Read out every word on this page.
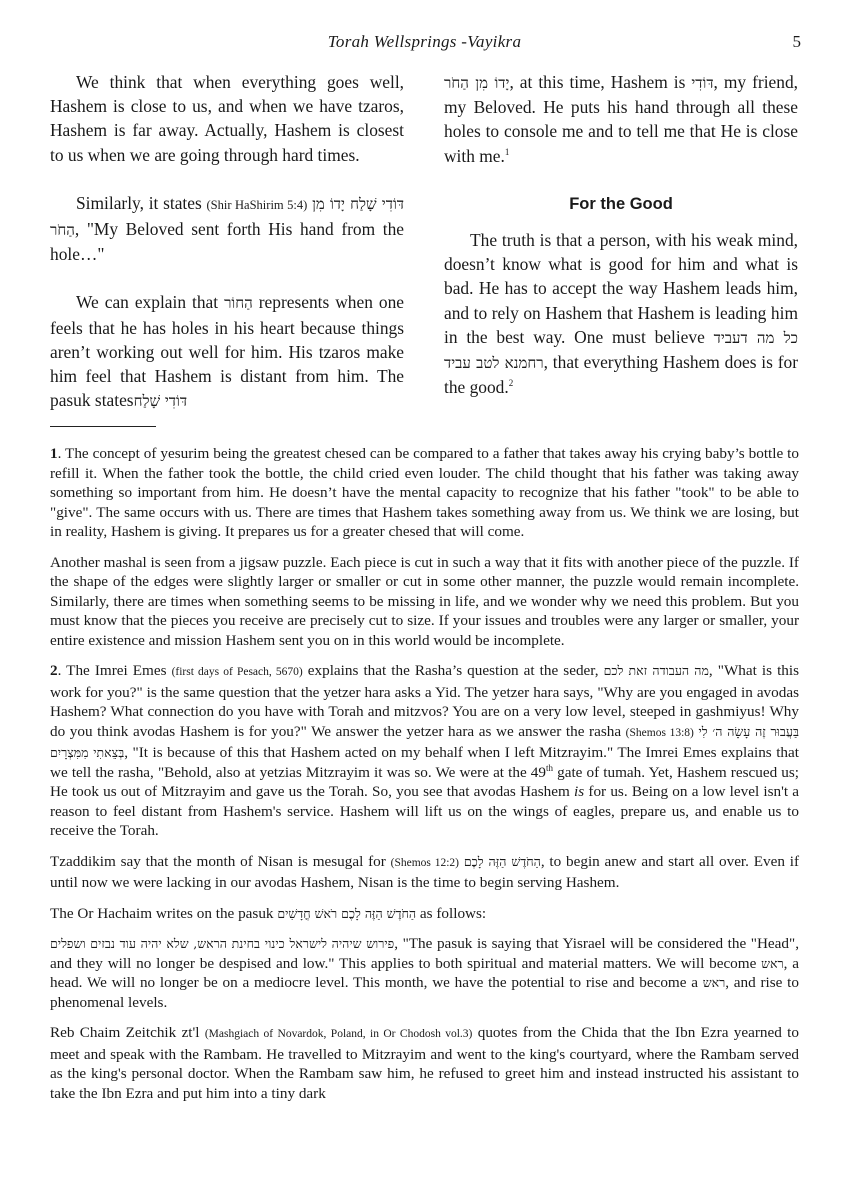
Torah Wellsprings -Vayikra	5

We think that when everything goes well, Hashem is close to us, and when we have tzaros, Hashem is far away. Actually, Hashem is closest to us when we are going through hard times.

Similarly, it states (Shir HaShirim 5:4) דּוֹדִי שָׁלַח יָדוֹ מִן הַחֹר, "My Beloved sent forth His hand from the hole…"

We can explain that הַחוֹר represents when one feels that he has holes in his heart because things aren’t working out well for him. His tzaros make him feel that Hashem is distant from him. The pasuk statesדּוֹדִי שָׁלַח

יָדוֹ מִן הַחֹר, at this time, Hashem is דּוֹדִי, my friend, my Beloved. He puts his hand through all these holes to console me and to tell me that He is close with me.$^1$

For the Good

The truth is that a person, with his weak mind, doesn’t know what is good for him and what is bad. He has to accept the way Hashem leads him, and to rely on Hashem that Hashem is leading him in the best way. One must believe כל מה דעביד רחמנא לטב עביד, that everything Hashem does is for the good.$^2$

1. The concept of yesurim being the greatest chesed can be compared to a father that takes away his crying baby’s bottle to refill it. When the father took the bottle, the child cried even louder. The child thought that his father was taking away something so important from him. He doesn’t have the mental capacity to recognize that his father "took" to be able to "give". The same occurs with us. There are times that Hashem takes something away from us. We think we are losing, but in reality, Hashem is giving. It prepares us for a greater chesed that will come.

Another mashal is seen from a jigsaw puzzle. Each piece is cut in such a way that it fits with another piece of the puzzle. If the shape of the edges were slightly larger or smaller or cut in some other manner, the puzzle would remain incomplete. Similarly, there are times when something seems to be missing in life, and we wonder why we need this problem. But you must know that the pieces you receive are precisely cut to size. If your issues and troubles were any larger or smaller, your entire existence and mission Hashem sent you on in this world would be incomplete.

2. The Imrei Emes (first days of Pesach, 5670) explains that the Rasha’s question at the seder, מה העבודה זאת לכם, "What is this work for you?" is the same question that the yetzer hara asks a Yid. The yetzer hara says, "Why are you engaged in avodas Hashem? What connection do you have with Torah and mitzvos? You are on a very low level, steeped in gashmiyus! Why do you think avodas Hashem is for you?" We answer the yetzer hara as we answer the rasha (Shemos 13:8) בַּעֲבוּר זֶה עָשָׂה ה׳ לִי בְּצֵאתִי מִמִּצְרָיִם, "It is because of this that Hashem acted on my behalf when I left Mitzrayim." The Imrei Emes explains that we tell the rasha, "Behold, also at yetzias Mitzrayim it was so. We were at the 49th gate of tumah. Yet, Hashem rescued us; He took us out of Mitzrayim and gave us the Torah. So, you see that avodas Hashem is for us. Being on a low level isn't a reason to feel distant from Hashem's service. Hashem will lift us on the wings of eagles, prepare us, and enable us to receive the Torah.

Tzaddikim say that the month of Nisan is mesugal for (Shemos 12:2) הַחֹדֶשׁ הַזֶּה לָכֶם, to begin anew and start all over. Even if until now we were lacking in our avodas Hashem, Nisan is the time to begin serving Hashem.

The Or Hachaim writes on the pasuk הַחֹדֶשׁ הַזֶּה לָכֶם רֹאשׁ חֳדָשִׁים as follows:

פירוש שיהיה לישראל כינוי בחינת הראש, שלא יהיה עוד נבזים ושפלים, "The pasuk is saying that Yisrael will be considered the "Head", and they will no longer be despised and low." This applies to both spiritual and material matters. We will become ראש, a head. We will no longer be on a mediocre level. This month, we have the potential to rise and become a ראש, and rise to phenomenal levels.

Reb Chaim Zeitchik zt'l (Mashgiach of Novardok, Poland, in Or Chodosh vol.3) quotes from the Chida that the Ibn Ezra yearned to meet and speak with the Rambam. He travelled to Mitzrayim and went to the king's courtyard, where the Rambam served as the king's personal doctor. When the Rambam saw him, he refused to greet him and instead instructed his assistant to take the Ibn Ezra and put him into a tiny dark
